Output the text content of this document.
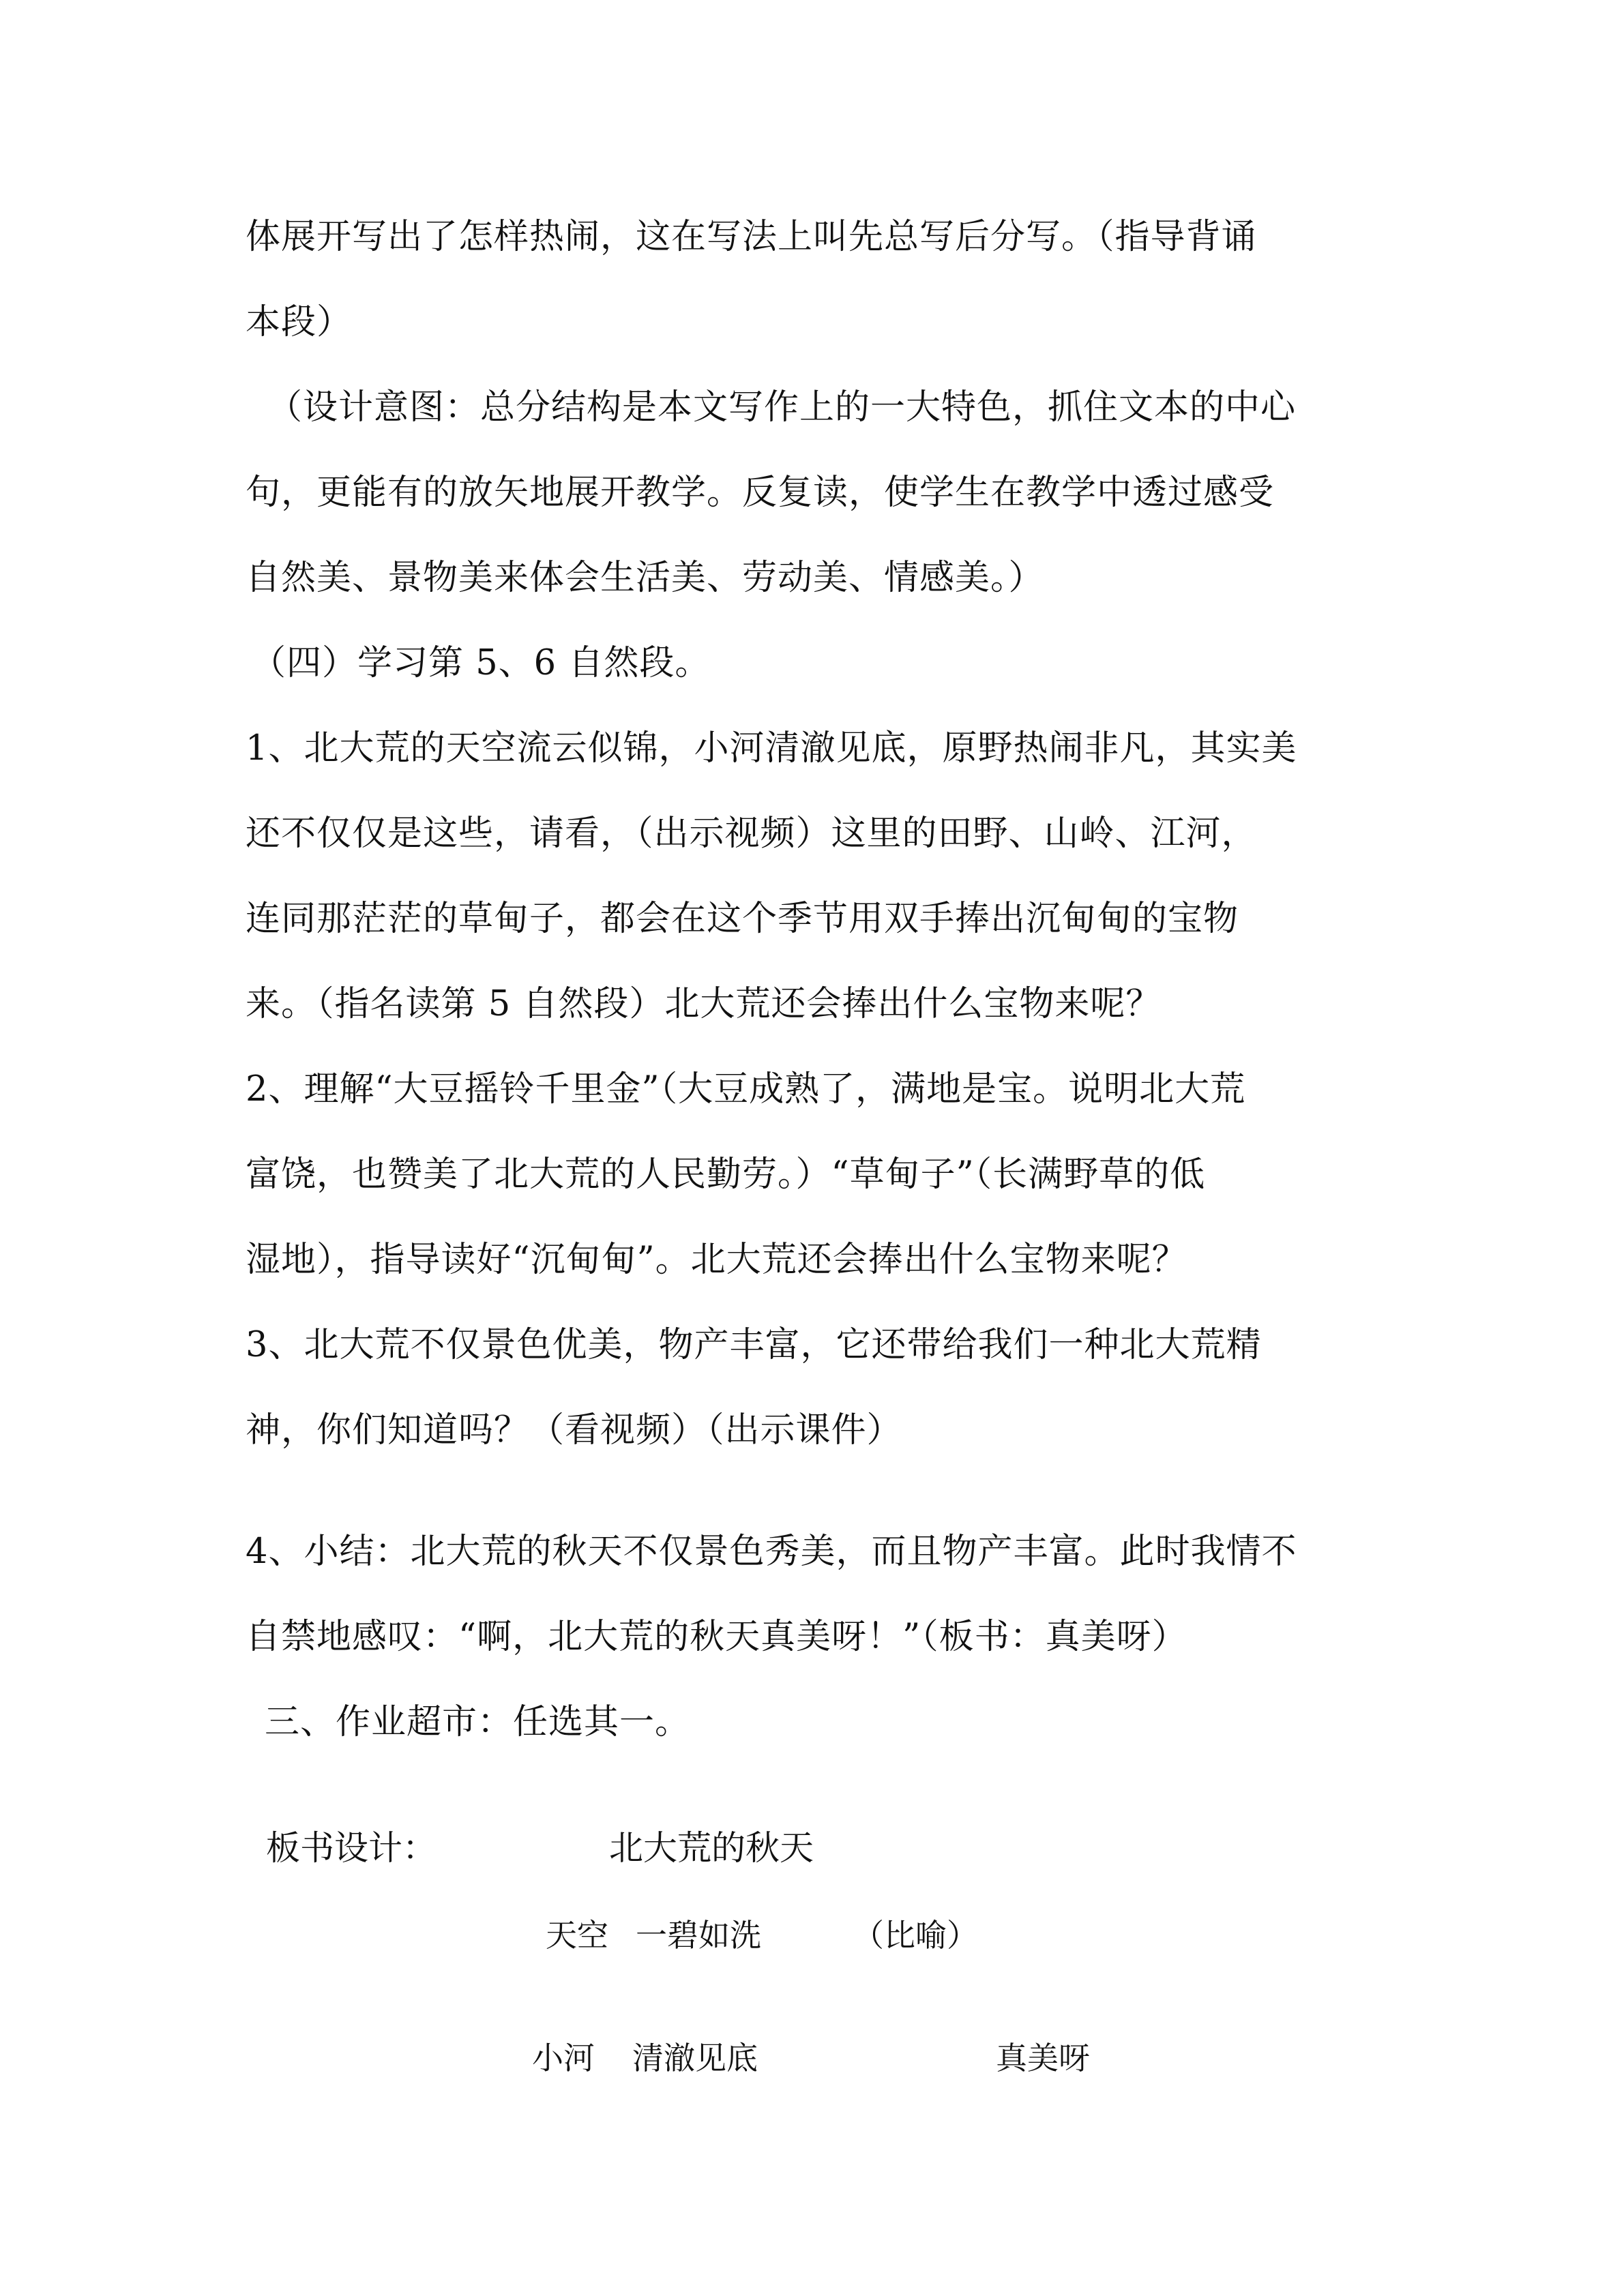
体展开写出了怎样热闹，这在写法上叫先总写后分写。（指导背诵
本段）
（设计意图：总分结构是本文写作上的一大特色，抓住文本的中心
句，更能有的放矢地展开教学。反复读，使学生在教学中透过感受
自然美、景物美来体会生活美、劳动美、情感美。）
（四）学习第 5、6 自然段。
1、北大荒的天空流云似锦，小河清澈见底，原野热闹非凡，其实美
还不仅仅是这些，请看，（出示视频）这里的田野、山岭、江河，
连同那茫茫的草甸子，都会在这个季节用双手捧出沉甸甸的宝物
来。（指名读第 5 自然段）北大荒还会捧出什么宝物来呢？
2、理解“大豆摇铃千里金”（大豆成熟了，满地是宝。说明北大荒
富饶，也赞美了北大荒的人民勤劳。）“草甸子”（长满野草的低
湿地），指导读好“沉甸甸”。北大荒还会捧出什么宝物来呢？
3、北大荒不仅景色优美，物产丰富，它还带给我们一种北大荒精
神，你们知道吗？（看视频）（出示课件）
4、小结：北大荒的秋天不仅景色秀美，而且物产丰富。此时我情不
自禁地感叹：“啊，北大荒的秋天真美呀！”（板书：真美呀）
三、作业超市：任选其一。
板书设计：	北大荒的秋天
天空 一碧如洗	（比喻）
小河 清澈见底	真美呀
